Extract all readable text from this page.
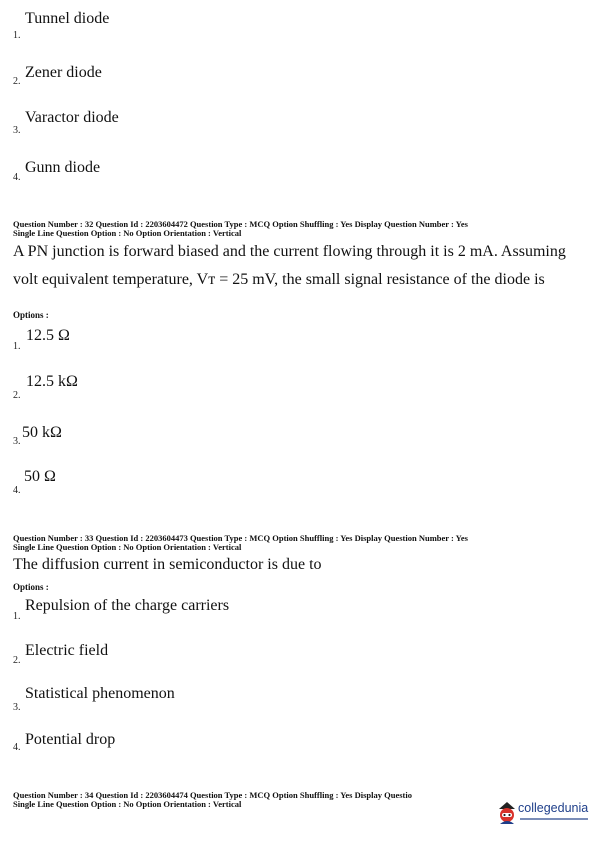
Tunnel diode
1.
Zener diode
2.
Varactor diode
3.
Gunn diode
4.
Question Number : 32 Question Id : 2203604472 Question Type : MCQ Option Shuffling : Yes Display Question Number : Yes
Single Line Question Option : No Option Orientation : Vertical
A PN junction is forward biased and the current flowing through it is 2 mA. Assuming
volt equivalent temperature, Vᴛ = 25 mV, the small signal resistance of the diode is
Options :
12.5 Ω
1.
12.5 kΩ
2.
50 kΩ
3.
50 Ω
4.
Question Number : 33 Question Id : 2203604473 Question Type : MCQ Option Shuffling : Yes Display Question Number : Yes
Single Line Question Option : No Option Orientation : Vertical
The diffusion current in semiconductor is due to
Options :
Repulsion of the charge carriers
1.
Electric field
2.
Statistical phenomenon
3.
Potential drop
4.
Question Number : 34 Question Id : 2203604474 Question Type : MCQ Option Shuffling : Yes Display Questio
Single Line Question Option : No Option Orientation : Vertical	collegedunia
